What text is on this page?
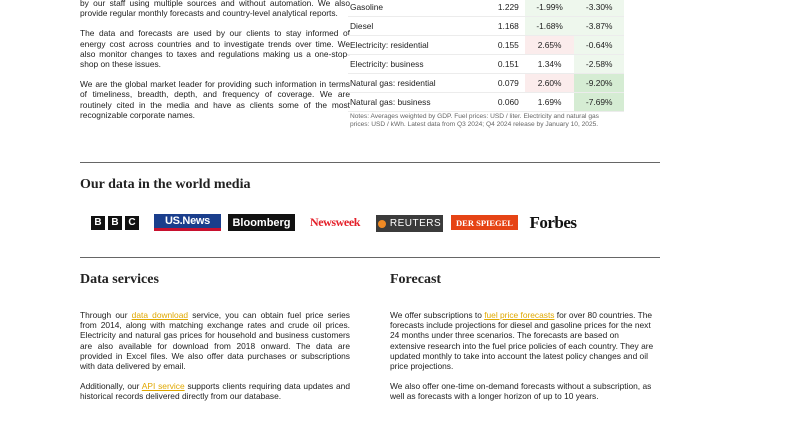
by our staff using multiple sources and without automation. We also provide regular monthly forecasts and country-level analytical reports.

The data and forecasts are used by our clients to stay informed of energy cost across countries and to investigate trends over time. We also monitor changes to taxes and regulations making us a one-stop-shop on these issues.

We are the global market leader for providing such information in terms of timeliness, breadth, depth, and frequency of coverage. We are routinely cited in the media and have as clients some of the most recognizable corporate names.

Gasoline	1.229	-1.99%	-3.30%
Diesel	1.168	-1.68%	-3.87%
Electricity: residential	0.155	2.65%	-0.64%
Electricity: business	0.151	1.34%	-2.58%
Natural gas: residential	0.079	2.60%	-9.20%
Natural gas: business	0.060	1.69%	-7.69%
Notes: Averages weighted by GDP. Fuel prices: USD / liter. Electricity and natural gas prices: USD / kWh. Latest data from Q3 2024; Q4 2024 release by January 10, 2025.
Our data in the world media
B B C	US.News Bloomberg Newsweek	REUTERS DER SPIEGEL Forbes
Data services

Through our data download service, you can obtain fuel price series from 2014, along with matching exchange rates and crude oil prices. Electricity and natural gas prices for household and business customers are also available for download from 2018 onward. The data are provided in Excel files. We also offer data purchases or subscriptions with data delivered by email.

Additionally, our API service supports clients requiring data updates and historical records delivered directly from our database.

Forecast

We offer subscriptions to fuel price forecasts for over 80 countries. The forecasts include projections for diesel and gasoline prices for the next 24 months under three scenarios. The forecasts are based on extensive research into the fuel price policies of each country. They are updated monthly to take into account the latest policy changes and oil price projections.

We also offer one-time on-demand forecasts without a subscription, as well as forecasts with a longer horizon of up to 10 years.
